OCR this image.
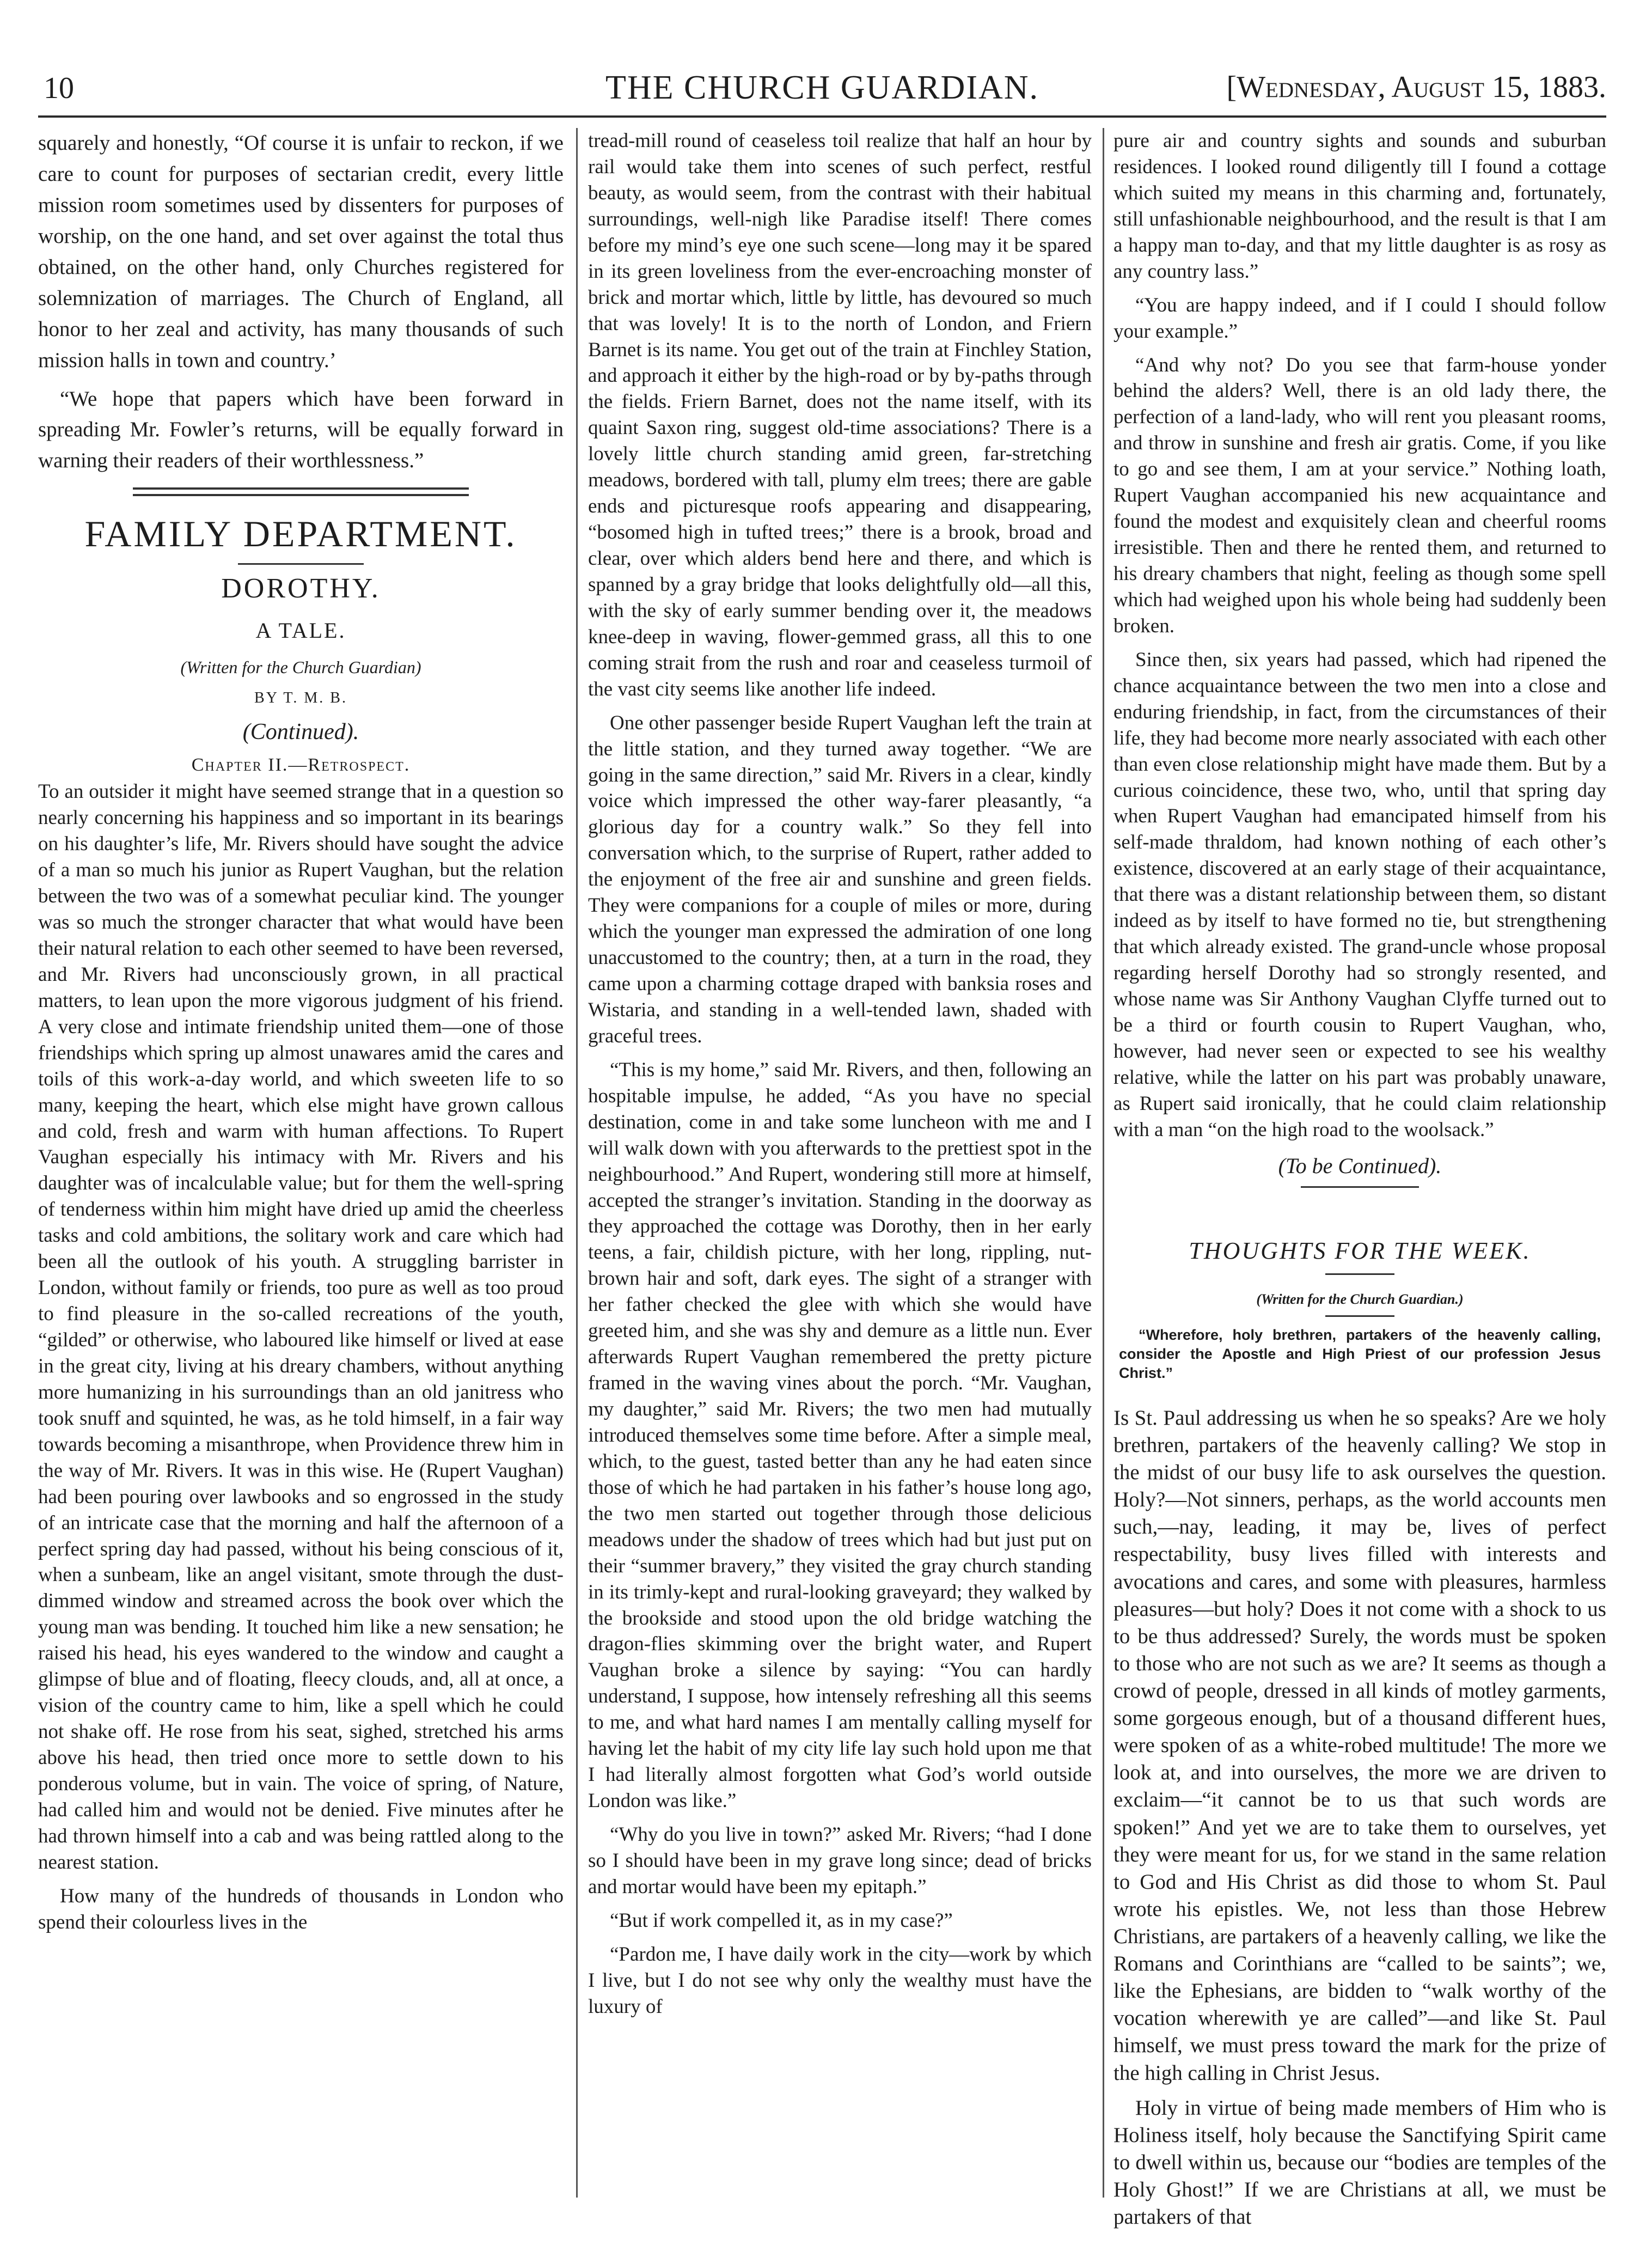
10	THE CHURCH GUARDIAN.	[Wednesday, August 15, 1883.

squarely and honestly, “Of course it is unfair to reckon, if we care to count for purposes of sectarian credit, every little mission room sometimes used by dissenters for purposes of worship, on the one hand, and set over against the total thus obtained, on the other hand, only Churches registered for solemnization of marriages. The Church of England, all honor to her zeal and activity, has many thousands of such mission halls in town and country.’

“We hope that papers which have been forward in spreading Mr. Fowler’s returns, will be equally forward in warning their readers of their worthlessness.”

FAMILY DEPARTMENT.
DOROTHY.
A TALE.
(Written for the Church Guardian)
BY T. M. B.
(Continued).
Chapter II.—Retrospect.

To an outsider it might have seemed strange that in a question so nearly concerning his happiness and so important in its bearings on his daughter’s life, Mr. Rivers should have sought the advice of a man so much his junior as Rupert Vaughan, but the relation between the two was of a somewhat peculiar kind. The younger was so much the stronger character that what would have been their natural relation to each other seemed to have been reversed, and Mr. Rivers had unconsciously grown, in all practical matters, to lean upon the more vigorous judgment of his friend. A very close and intimate friendship united them—one of those friendships which spring up almost unawares amid the cares and toils of this work-a-day world, and which sweeten life to so many, keeping the heart, which else might have grown callous and cold, fresh and warm with human affections. To Rupert Vaughan especially his intimacy with Mr. Rivers and his daughter was of incalculable value; but for them the well-spring of tenderness within him might have dried up amid the cheerless tasks and cold ambitions, the solitary work and care which had been all the outlook of his youth. A struggling barrister in London, without family or friends, too pure as well as too proud to find pleasure in the so-called recreations of the youth, “gilded” or otherwise, who laboured like himself or lived at ease in the great city, living at his dreary chambers, without anything more humanizing in his surroundings than an old janitress who took snuff and squinted, he was, as he told himself, in a fair way towards becoming a misanthrope, when Providence threw him in the way of Mr. Rivers. It was in this wise. He (Rupert Vaughan) had been pouring over lawbooks and so engrossed in the study of an intricate case that the morning and half the afternoon of a perfect spring day had passed, without his being conscious of it, when a sunbeam, like an angel visitant, smote through the dust-dimmed window and streamed across the book over which the young man was bending. It touched him like a new sensation; he raised his head, his eyes wandered to the window and caught a glimpse of blue and of floating, fleecy clouds, and, all at once, a vision of the country came to him, like a spell which he could not shake off. He rose from his seat, sighed, stretched his arms above his head, then tried once more to settle down to his ponderous volume, but in vain. The voice of spring, of Nature, had called him and would not be denied. Five minutes after he had thrown himself into a cab and was being rattled along to the nearest station.

How many of the hundreds of thousands in London who spend their colourless lives in the

tread-mill round of ceaseless toil realize that half an hour by rail would take them into scenes of such perfect, restful beauty, as would seem, from the contrast with their habitual surroundings, well-nigh like Paradise itself! There comes before my mind’s eye one such scene—long may it be spared in its green loveliness from the ever-encroaching monster of brick and mortar which, little by little, has devoured so much that was lovely! It is to the north of London, and Friern Barnet is its name. You get out of the train at Finchley Station, and approach it either by the high-road or by by-paths through the fields. Friern Barnet, does not the name itself, with its quaint Saxon ring, suggest old-time associations? There is a lovely little church standing amid green, far-stretching meadows, bordered with tall, plumy elm trees; there are gable ends and picturesque roofs appearing and disappearing, “bosomed high in tufted trees;” there is a brook, broad and clear, over which alders bend here and there, and which is spanned by a gray bridge that looks delightfully old—all this, with the sky of early summer bending over it, the meadows knee-deep in waving, flower-gemmed grass, all this to one coming strait from the rush and roar and ceaseless turmoil of the vast city seems like another life indeed.

One other passenger beside Rupert Vaughan left the train at the little station, and they turned away together. “We are going in the same direction,” said Mr. Rivers in a clear, kindly voice which impressed the other way-farer pleasantly, “a glorious day for a country walk.” So they fell into conversation which, to the surprise of Rupert, rather added to the enjoyment of the free air and sunshine and green fields. They were companions for a couple of miles or more, during which the younger man expressed the admiration of one long unaccustomed to the country; then, at a turn in the road, they came upon a charming cottage draped with banksia roses and Wistaria, and standing in a well-tended lawn, shaded with graceful trees.

“This is my home,” said Mr. Rivers, and then, following an hospitable impulse, he added, “As you have no special destination, come in and take some luncheon with me and I will walk down with you afterwards to the prettiest spot in the neighbourhood.” And Rupert, wondering still more at himself, accepted the stranger’s invitation. Standing in the doorway as they approached the cottage was Dorothy, then in her early teens, a fair, childish picture, with her long, rippling, nut-brown hair and soft, dark eyes. The sight of a stranger with her father checked the glee with which she would have greeted him, and she was shy and demure as a little nun. Ever afterwards Rupert Vaughan remembered the pretty picture framed in the waving vines about the porch. “Mr. Vaughan, my daughter,” said Mr. Rivers; the two men had mutually introduced themselves some time before. After a simple meal, which, to the guest, tasted better than any he had eaten since those of which he had partaken in his father’s house long ago, the two men started out together through those delicious meadows under the shadow of trees which had but just put on their “summer bravery,” they visited the gray church standing in its trimly-kept and rural-looking graveyard; they walked by the brookside and stood upon the old bridge watching the dragon-flies skimming over the bright water, and Rupert Vaughan broke a silence by saying: “You can hardly understand, I suppose, how intensely refreshing all this seems to me, and what hard names I am mentally calling myself for having let the habit of my city life lay such hold upon me that I had literally almost forgotten what God’s world outside London was like.”

“Why do you live in town?” asked Mr. Rivers; “had I done so I should have been in my grave long since; dead of bricks and mortar would have been my epitaph.”

“But if work compelled it, as in my case?”

“Pardon me, I have daily work in the city—work by which I live, but I do not see why only the wealthy must have the luxury of

pure air and country sights and sounds and suburban residences. I looked round diligently till I found a cottage which suited my means in this charming and, fortunately, still unfashionable neighbourhood, and the result is that I am a happy man to-day, and that my little daughter is as rosy as any country lass.”

“You are happy indeed, and if I could I should follow your example.”

“And why not? Do you see that farm-house yonder behind the alders? Well, there is an old lady there, the perfection of a land-lady, who will rent you pleasant rooms, and throw in sunshine and fresh air gratis. Come, if you like to go and see them, I am at your service.” Nothing loath, Rupert Vaughan accompanied his new acquaintance and found the modest and exquisitely clean and cheerful rooms irresistible. Then and there he rented them, and returned to his dreary chambers that night, feeling as though some spell which had weighed upon his whole being had suddenly been broken.

Since then, six years had passed, which had ripened the chance acquaintance between the two men into a close and enduring friendship, in fact, from the circumstances of their life, they had become more nearly associated with each other than even close relationship might have made them. But by a curious coincidence, these two, who, until that spring day when Rupert Vaughan had emancipated himself from his self-made thraldom, had known nothing of each other’s existence, discovered at an early stage of their acquaintance, that there was a distant relationship between them, so distant indeed as by itself to have formed no tie, but strengthening that which already existed. The grand-uncle whose proposal regarding herself Dorothy had so strongly resented, and whose name was Sir Anthony Vaughan Clyffe turned out to be a third or fourth cousin to Rupert Vaughan, who, however, had never seen or expected to see his wealthy relative, while the latter on his part was probably unaware, as Rupert said ironically, that he could claim relationship with a man “on the high road to the woolsack.”

(To be Continued).
THOUGHTS FOR THE WEEK.
(Written for the Church Guardian.)
“Wherefore, holy brethren, partakers of the heavenly calling, consider the Apostle and High Priest of our profession Jesus Christ.”

Is St. Paul addressing us when he so speaks? Are we holy brethren, partakers of the heavenly calling? We stop in the midst of our busy life to ask ourselves the question. Holy?—Not sinners, perhaps, as the world accounts men such,—nay, leading, it may be, lives of perfect respectability, busy lives filled with interests and avocations and cares, and some with pleasures, harmless pleasures—but holy? Does it not come with a shock to us to be thus addressed? Surely, the words must be spoken to those who are not such as we are? It seems as though a crowd of people, dressed in all kinds of motley garments, some gorgeous enough, but of a thousand different hues, were spoken of as a white-robed multitude! The more we look at, and into ourselves, the more we are driven to exclaim—“it cannot be to us that such words are spoken!” And yet we are to take them to ourselves, yet they were meant for us, for we stand in the same relation to God and His Christ as did those to whom St. Paul wrote his epistles. We, not less than those Hebrew Christians, are partakers of a heavenly calling, we like the Romans and Corinthians are “called to be saints”; we, like the Ephesians, are bidden to “walk worthy of the vocation wherewith ye are called”—and like St. Paul himself, we must press toward the mark for the prize of the high calling in Christ Jesus.

Holy in virtue of being made members of Him who is Holiness itself, holy because the Sanctifying Spirit came to dwell within us, because our “bodies are temples of the Holy Ghost!” If we are Christians at all, we must be partakers of that
